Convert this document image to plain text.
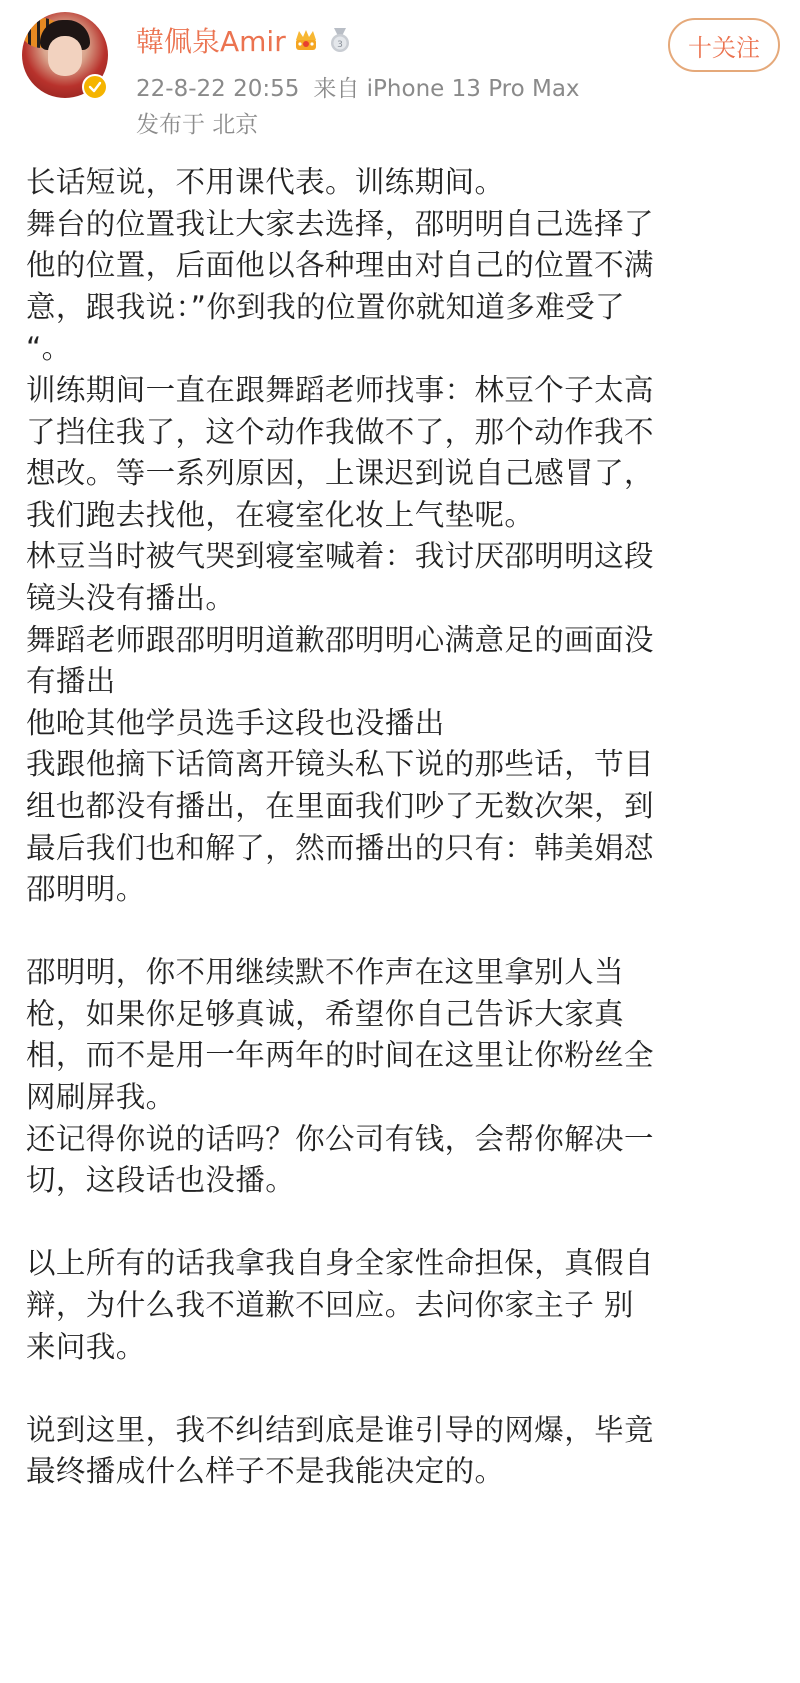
韓佩泉Amir	3
22-8-22 20:55 来自 iPhone 13 Pro Max
发布于 北京
十关注
长话短说，不用课代表。训练期间。
舞台的位置我让大家去选择，邵明明自己选择了
他的位置，后面他以各种理由对自己的位置不满
意，跟我说：”你到我的位置你就知道多难受了
“。
训练期间一直在跟舞蹈老师找事：林豆个子太高
了挡住我了，这个动作我做不了，那个动作我不
想改。等一系列原因，上课迟到说自己感冒了，
我们跑去找他，在寝室化妆上气垫呢。
林豆当时被气哭到寝室喊着：我讨厌邵明明这段
镜头没有播出。
舞蹈老师跟邵明明道歉邵明明心满意足的画面没
有播出
他呛其他学员选手这段也没播出
我跟他摘下话筒离开镜头私下说的那些话，节目
组也都没有播出，在里面我们吵了无数次架，到
最后我们也和解了，然而播出的只有：韩美娟怼
邵明明。
邵明明，你不用继续默不作声在这里拿别人当
枪，如果你足够真诚，希望你自己告诉大家真
相，而不是用一年两年的时间在这里让你粉丝全
网刷屏我。
还记得你说的话吗？你公司有钱，会帮你解决一
切，这段话也没播。
以上所有的话我拿我自身全家性命担保，真假自
辩，为什么我不道歉不回应。去问你家主子 别
来问我。
说到这里，我不纠结到底是谁引导的网爆，毕竟
最终播成什么样子不是我能决定的。
